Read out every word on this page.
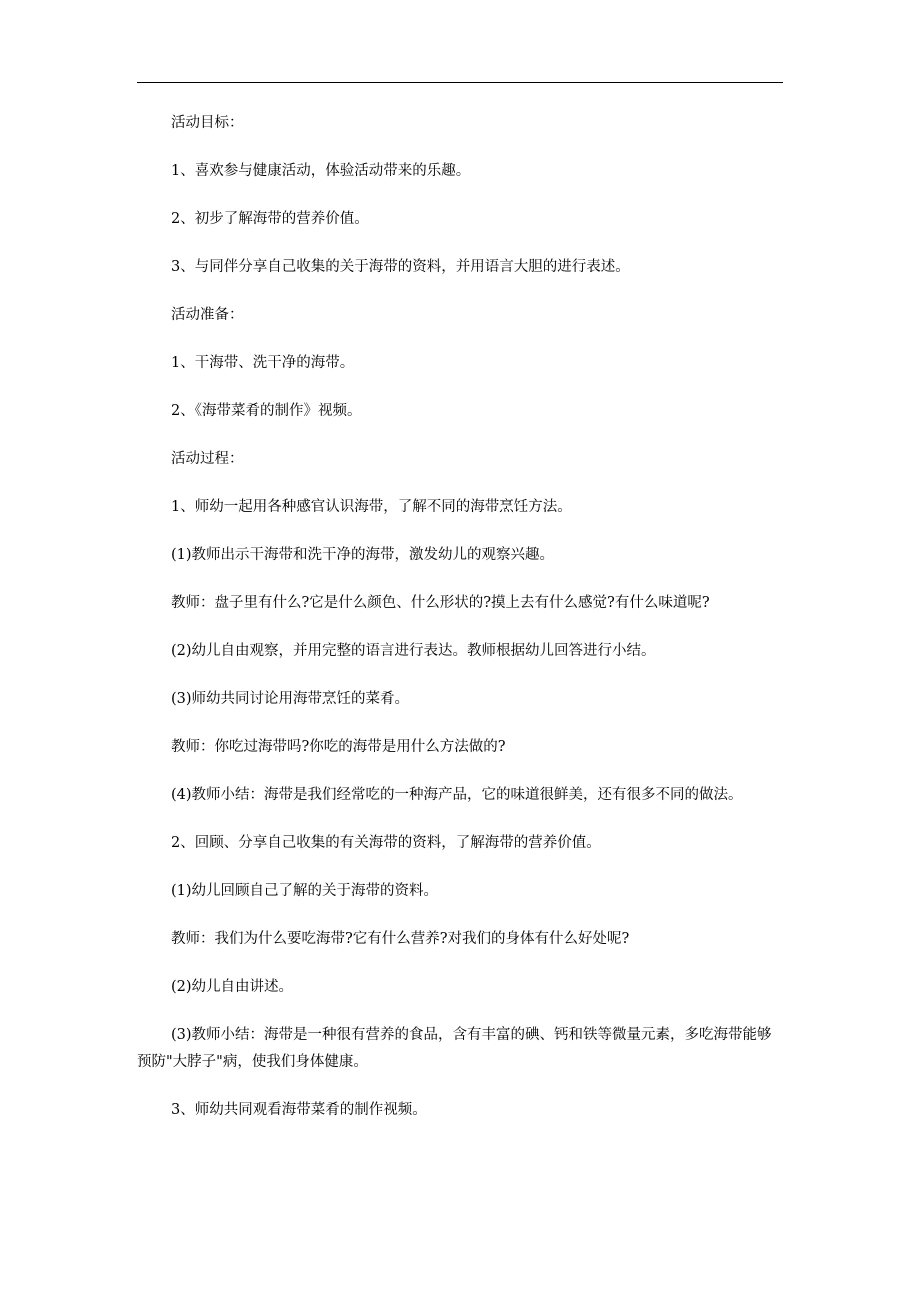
活动目标：

1、喜欢参与健康活动，体验活动带来的乐趣。

2、初步了解海带的营养价值。

3、与同伴分享自己收集的关于海带的资料，并用语言大胆的进行表述。

活动准备：

1、干海带、洗干净的海带。

2、《海带菜肴的制作》视频。

活动过程：

1、师幼一起用各种感官认识海带，了解不同的海带烹饪方法。

(1)教师出示干海带和洗干净的海带，激发幼儿的观察兴趣。

教师：盘子里有什么?它是什么颜色、什么形状的?摸上去有什么感觉?有什么味道呢?

(2)幼儿自由观察，并用完整的语言进行表达。教师根据幼儿回答进行小结。

(3)师幼共同讨论用海带烹饪的菜肴。

教师：你吃过海带吗?你吃的海带是用什么方法做的?

(4)教师小结：海带是我们经常吃的一种海产品，它的味道很鲜美，还有很多不同的做法。

2、回顾、分享自己收集的有关海带的资料，了解海带的营养价值。

(1)幼儿回顾自己了解的关于海带的资料。

教师：我们为什么要吃海带?它有什么营养?对我们的身体有什么好处呢?

(2)幼儿自由讲述。

(3)教师小结：海带是一种很有营养的食品，含有丰富的碘、钙和铁等微量元素，多吃海带能够预防"大脖子"病，使我们身体健康。

3、师幼共同观看海带菜肴的制作视频。
